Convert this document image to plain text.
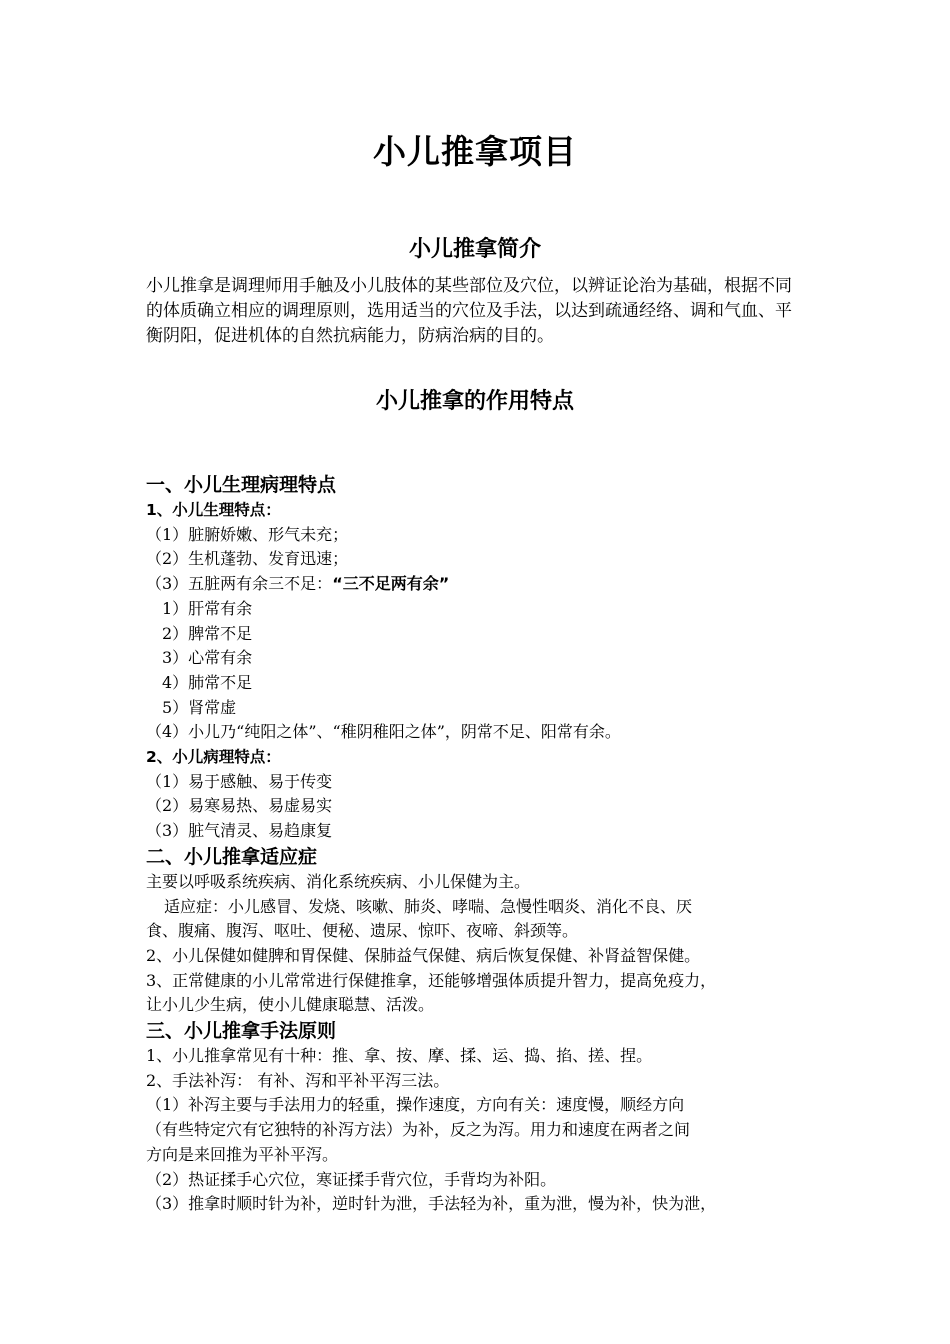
小儿推拿项目
小儿推拿简介
小儿推拿是调理师用手触及小儿肢体的某些部位及穴位，以辨证论治为基础，根据不同的体质确立相应的调理原则，选用适当的穴位及手法，以达到疏通经络、调和气血、平衡阴阳，促进机体的自然抗病能力，防病治病的目的。
小儿推拿的作用特点
一、小儿生理病理特点
1、小儿生理特点：
（1）脏腑娇嫩、形气未充；
（2）生机蓬勃、发育迅速；
（3）五脏两有余三不足：“三不足两有余”
1）肝常有余
2）脾常不足
3）心常有余
4）肺常不足
5）肾常虚
（4）小儿乃“纯阳之体”、“稚阴稚阳之体”，阴常不足、阳常有余。
2、小儿病理特点：
（1）易于感触、易于传变
（2）易寒易热、易虚易实
（3）脏气清灵、易趋康复
二、小儿推拿适应症
主要以呼吸系统疾病、消化系统疾病、小儿保健为主。
适应症：小儿感冒、发烧、咳嗽、肺炎、哮喘、急慢性咽炎、消化不良、厌
食、腹痛、腹泻、呕吐、便秘、遗尿、惊吓、夜啼、斜颈等。
2、小儿保健如健脾和胃保健、保肺益气保健、病后恢复保健、补肾益智保健。
3、正常健康的小儿常常进行保健推拿，还能够增强体质提升智力，提高免疫力，
让小儿少生病，使小儿健康聪慧、活泼。
三、小儿推拿手法原则
1、小儿推拿常见有十种：推、拿、按、摩、揉、运、捣、掐、搓、捏。
2、手法补泻： 有补、泻和平补平泻三法。
（1）补泻主要与手法用力的轻重，操作速度，方向有关：速度慢，顺经方向
（有些特定穴有它独特的补泻方法）为补，反之为泻。用力和速度在两者之间
方向是来回推为平补平泻。
（2）热证揉手心穴位，寒证揉手背穴位，手背均为补阳。
（3）推拿时顺时针为补，逆时针为泄，手法轻为补，重为泄，慢为补，快为泄，
